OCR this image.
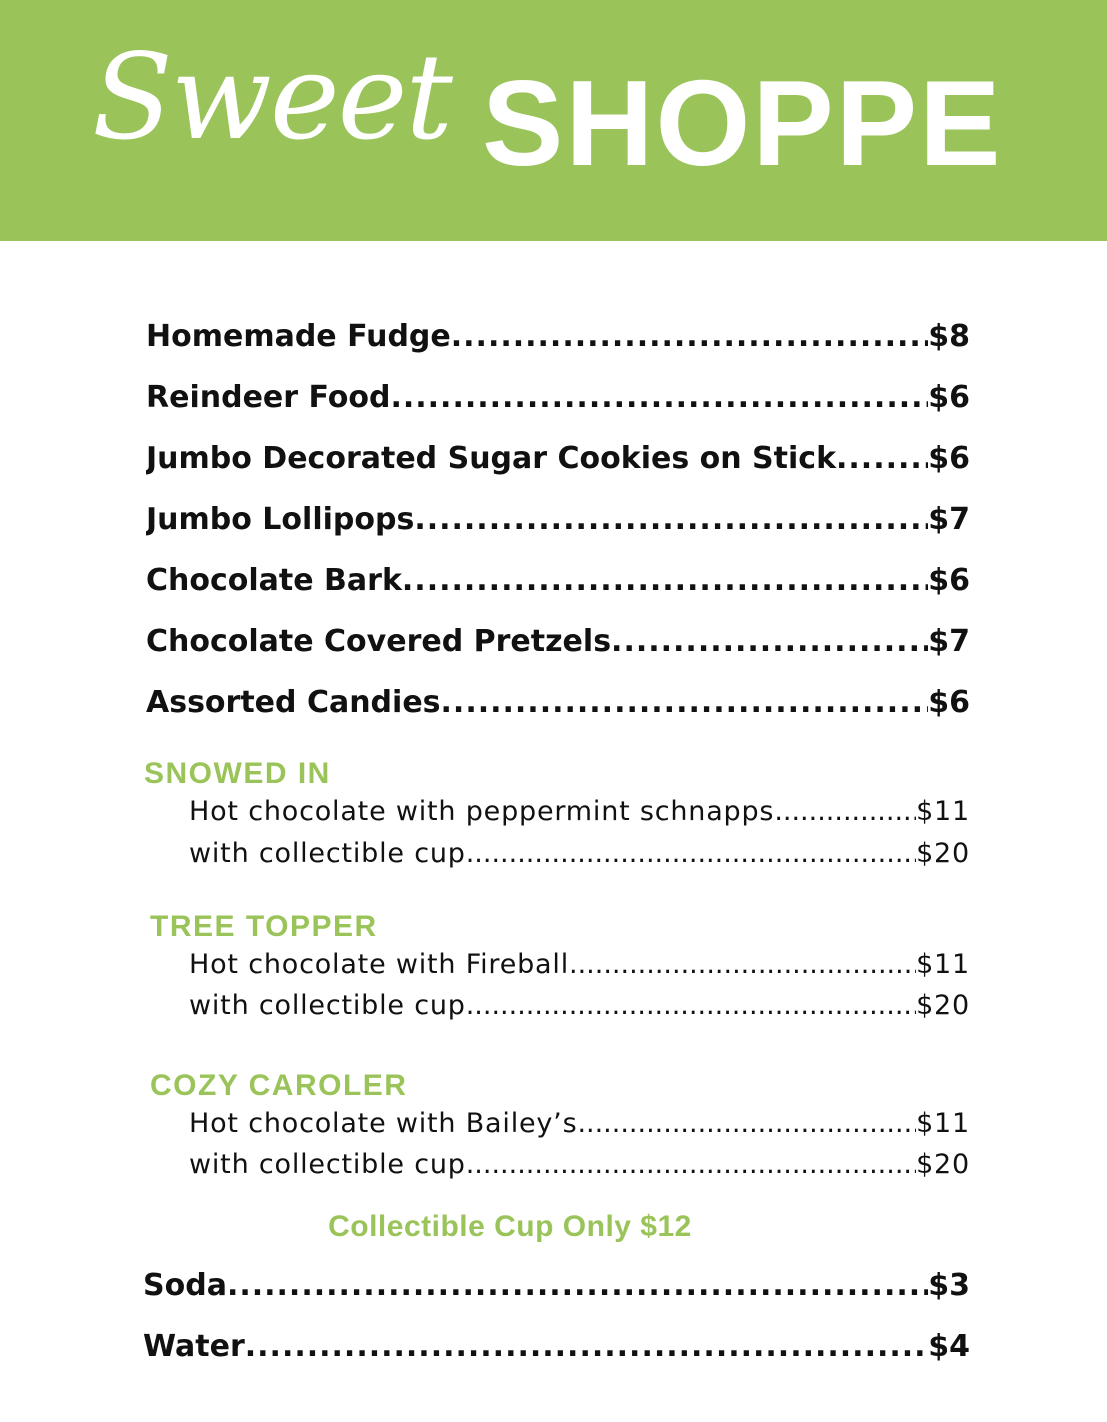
Sweet SHOPPE
Homemade Fudge .....	$8
Reindeer Food .....	$6
Jumbo Decorated Sugar Cookies on Stick .....	$6
Jumbo Lollipops .....	$7
Chocolate Bark .....	$6
Chocolate Covered Pretzels .....	$7
Assorted Candies .....	$6
SNOWED IN
Hot chocolate with peppermint schnapps .....	$11
with collectible cup .....	$20
TREE TOPPER
Hot chocolate with Fireball .....	$11
with collectible cup .....	$20
COZY CAROLER
Hot chocolate with Bailey’s .....	$11
with collectible cup .....	$20
Collectible Cup Only $12
Soda .....	$3
Water .....	$4
